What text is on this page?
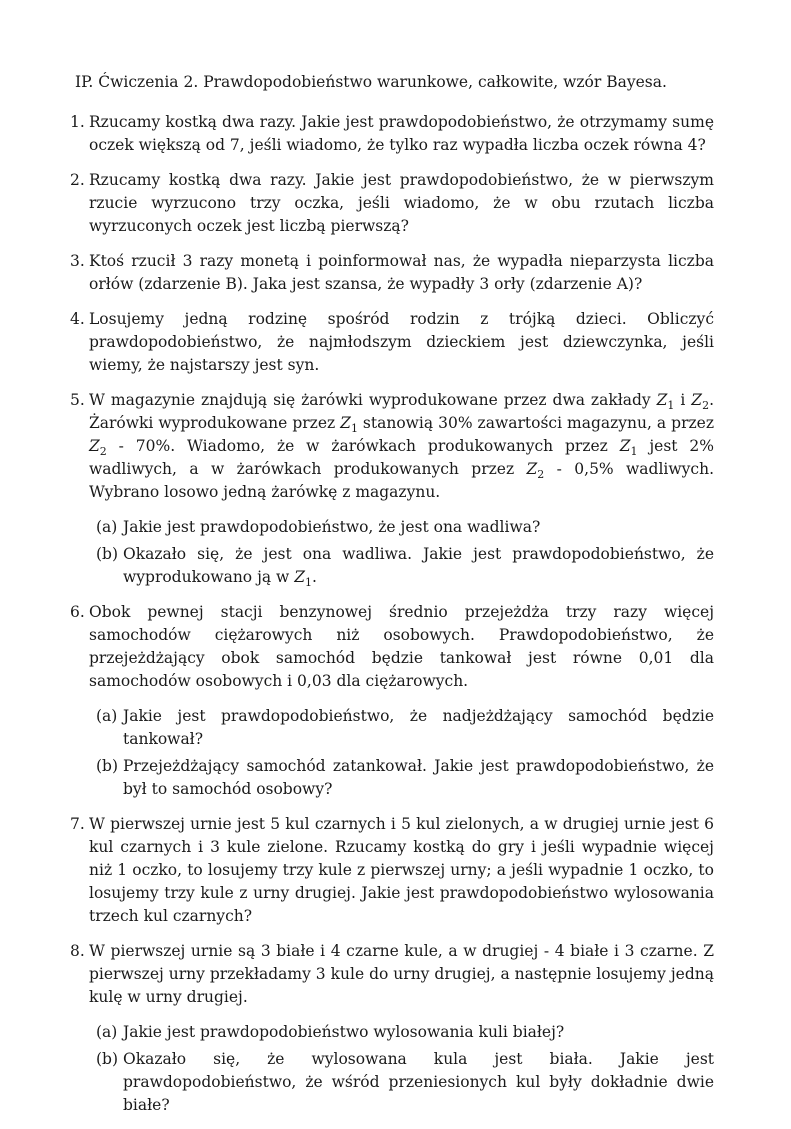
IP. Ćwiczenia 2. Prawdopodobieństwo warunkowe, całkowite, wzór Bayesa.
1. Rzucamy kostką dwa razy. Jakie jest prawdopodobieństwo, że otrzymamy sumę oczek większą od 7, jeśli wiadomo, że tylko raz wypadła liczba oczek równa 4?
2. Rzucamy kostką dwa razy. Jakie jest prawdopodobieństwo, że w pierwszym rzucie wyrzucono trzy oczka, jeśli wiadomo, że w obu rzutach liczba wyrzuconych oczek jest liczbą pierwszą?
3. Ktoś rzucił 3 razy monetą i poinformował nas, że wypadła nieparzysta liczba orłów (zdarzenie B). Jaka jest szansa, że wypadły 3 orły (zdarzenie A)?
4. Losujemy jedną rodzinę spośród rodzin z trójką dzieci. Obliczyć prawdopodobieństwo, że najmłodszym dzieckiem jest dziewczynka, jeśli wiemy, że najstarszy jest syn.
5. W magazynie znajdują się żarówki wyprodukowane przez dwa zakłady $Z_1$ i $Z_2$. Żarówki wyprodukowane przez $Z_1$ stanowią 30% zawartości magazynu, a przez $Z_2 - 70\%$. Wiadomo, że w żarówkach produkowanych przez $Z_1$ jest 2% wadliwych, a w żarówkach produkowanych przez $Z_2 - 0,5\%$ wadliwych. Wybrano losowo jedną żarówkę z magazynu.
(a) Jakie jest prawdopodobieństwo, że jest ona wadliwa?
(b) Okazało się, że jest ona wadliwa. Jakie jest prawdopodobieństwo, że wyprodukowano ją w $Z_1$.
6. Obok pewnej stacji benzynowej średnio przejeżdża trzy razy więcej samochodów ciężarowych niż osobowych. Prawdopodobieństwo, że przejeżdżający obok samochód będzie tankował jest równe 0,01 dla samochodów osobowych i 0,03 dla ciężarowych.
(a) Jakie jest prawdopodobieństwo, że nadjeżdżający samochód będzie tankował?
(b) Przejeżdżający samochód zatankował. Jakie jest prawdopodobieństwo, że był to samochód osobowy?
7. W pierwszej urnie jest 5 kul czarnych i 5 kul zielonych, a w drugiej urnie jest 6 kul czarnych i 3 kule zielone. Rzucamy kostką do gry i jeśli wypadnie więcej niż 1 oczko, to losujemy trzy kule z pierwszej urny; a jeśli wypadnie 1 oczko, to losujemy trzy kule z urny drugiej. Jakie jest prawdopodobieństwo wylosowania trzech kul czarnych?
8. W pierwszej urnie są 3 białe i 4 czarne kule, a w drugiej - 4 białe i 3 czarne. Z pierwszej urny przekładamy 3 kule do urny drugiej, a następnie losujemy jedną kulę w urny drugiej.
(a) Jakie jest prawdopodobieństwo wylosowania kuli białej?
(b) Okazało się, że wylosowana kula jest biała. Jakie jest prawdopodobieństwo, że wśród przeniesionych kul były dokładnie dwie białe?
